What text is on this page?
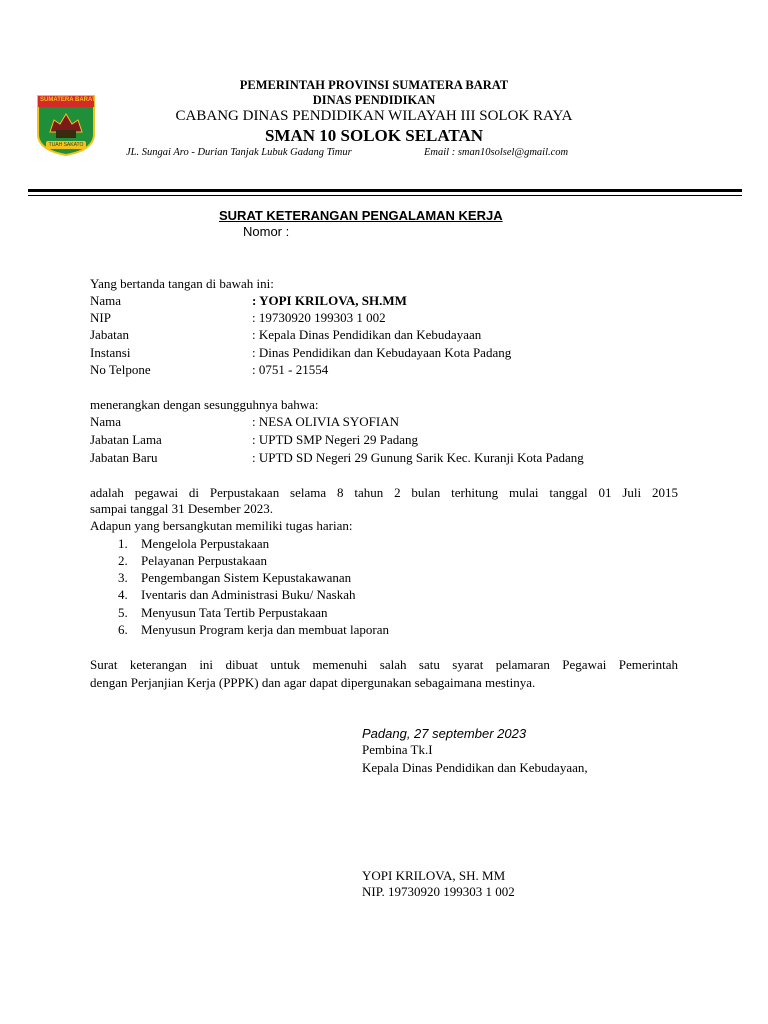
SUMATERA BARAT
TUAH SAKATO
PEMERINTAH PROVINSI SUMATERA BARAT
DINAS PENDIDIKAN
CABANG DINAS PENDIDIKAN WILAYAH III SOLOK RAYA
SMAN 10 SOLOK SELATAN
JL. Sungai Aro - Durian Tanjak Lubuk Gadang Timur	Email : sman10solsel@gmail.com
SURAT KETERANGAN PENGALAMAN KERJA
Nomor :
Yang bertanda tangan di bawah ini:
Nama	: YOPI KRILOVA, SH.MM
NIP	: 19730920 199303 1 002
Jabatan	: Kepala Dinas Pendidikan dan Kebudayaan
Instansi	: Dinas Pendidikan dan Kebudayaan Kota Padang
No Telpone	: 0751 - 21554
menerangkan dengan sesungguhnya bahwa:
Nama	: NESA OLIVIA SYOFIAN
Jabatan Lama	: UPTD SMP Negeri 29 Padang
Jabatan Baru	: UPTD SD Negeri 29 Gunung Sarik Kec. Kuranji Kota Padang
adalah pegawai di Perpustakaan selama 8 tahun 2 bulan terhitung mulai tanggal 01 Juli 2015
sampai tanggal 31 Desember 2023.
Adapun yang bersangkutan memiliki tugas harian:
1. Mengelola Perpustakaan
2. Pelayanan Perpustakaan
3. Pengembangan Sistem Kepustakawanan
4. Iventaris dan Administrasi Buku/ Naskah
5. Menyusun Tata Tertib Perpustakaan
6. Menyusun Program kerja dan membuat laporan
Surat keterangan ini dibuat untuk memenuhi salah satu syarat pelamaran Pegawai Pemerintah
dengan Perjanjian Kerja (PPPK) dan agar dapat dipergunakan sebagaimana mestinya.
Padang, 27 september 2023
Pembina Tk.I
Kepala Dinas Pendidikan dan Kebudayaan,
YOPI KRILOVA, SH. MM
NIP. 19730920 199303 1 002
